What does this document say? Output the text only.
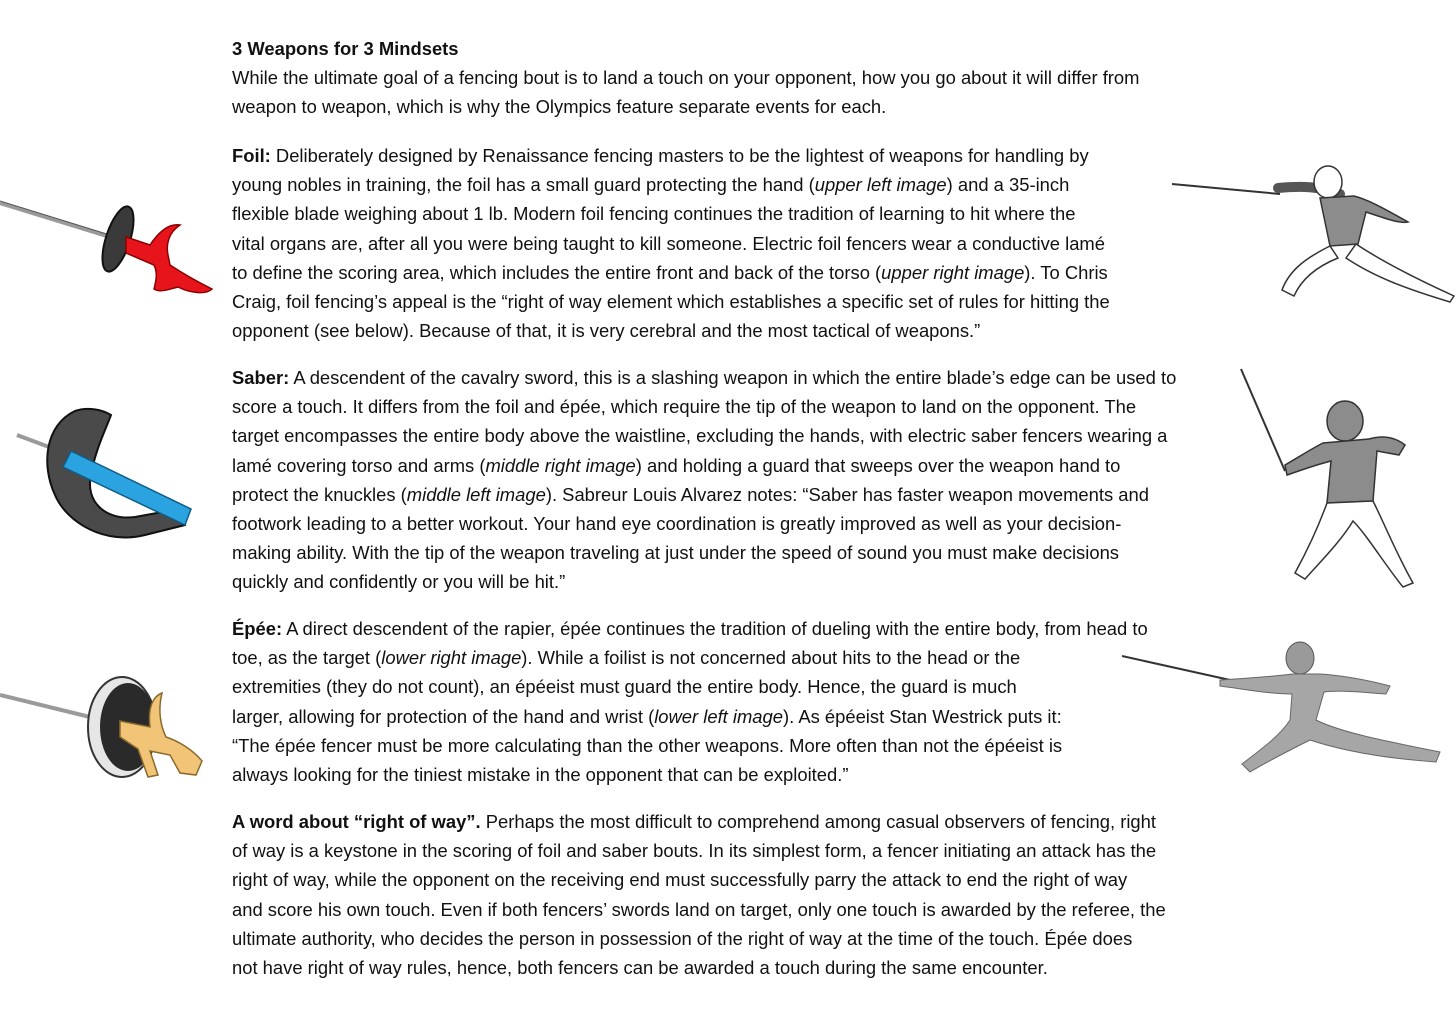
3 Weapons for 3 Mindsets
While the ultimate goal of a fencing bout is to land a touch on your opponent, how you go about it will differ from
weapon to weapon, which is why the Olympics feature separate events for each.
Foil: Deliberately designed by Renaissance fencing masters to be the lightest of weapons for handling by
young nobles in training, the foil has a small guard protecting the hand (upper left image) and a 35-inch
flexible blade weighing about 1 lb. Modern foil fencing continues the tradition of learning to hit where the
vital organs are, after all you were being taught to kill someone. Electric foil fencers wear a conductive lamé
to define the scoring area, which includes the entire front and back of the torso (upper right image). To Chris
Craig, foil fencing’s appeal is the “right of way element which establishes a specific set of rules for hitting the
opponent (see below). Because of that, it is very cerebral and the most tactical of weapons.”
Saber: A descendent of the cavalry sword, this is a slashing weapon in which the entire blade’s edge can be used to
score a touch. It differs from the foil and épée, which require the tip of the weapon to land on the opponent. The
target encompasses the entire body above the waistline, excluding the hands, with electric saber fencers wearing a
lamé covering torso and arms (middle right image) and holding a guard that sweeps over the weapon hand to
protect the knuckles (middle left image). Sabreur Louis Alvarez notes: “Saber has faster weapon movements and
footwork leading to a better workout. Your hand eye coordination is greatly improved as well as your decision-
making ability. With the tip of the weapon traveling at just under the speed of sound you must make decisions
quickly and confidently or you will be hit.”
Épée: A direct descendent of the rapier, épée continues the tradition of dueling with the entire body, from head to
toe, as the target (lower right image). While a foilist is not concerned about hits to the head or the
extremities (they do not count), an épéeist must guard the entire body. Hence, the guard is much
larger, allowing for protection of the hand and wrist (lower left image). As épéeist Stan Westrick puts it:
“The épée fencer must be more calculating than the other weapons. More often than not the épéeist is
always looking for the tiniest mistake in the opponent that can be exploited.”
A word about “right of way”. Perhaps the most difficult to comprehend among casual observers of fencing, right
of way is a keystone in the scoring of foil and saber bouts. In its simplest form, a fencer initiating an attack has the
right of way, while the opponent on the receiving end must successfully parry the attack to end the right of way
and score his own touch. Even if both fencers’ swords land on target, only one touch is awarded by the referee, the
ultimate authority, who decides the person in possession of the right of way at the time of the touch. Épée does
not have right of way rules, hence, both fencers can be awarded a touch during the same encounter.
